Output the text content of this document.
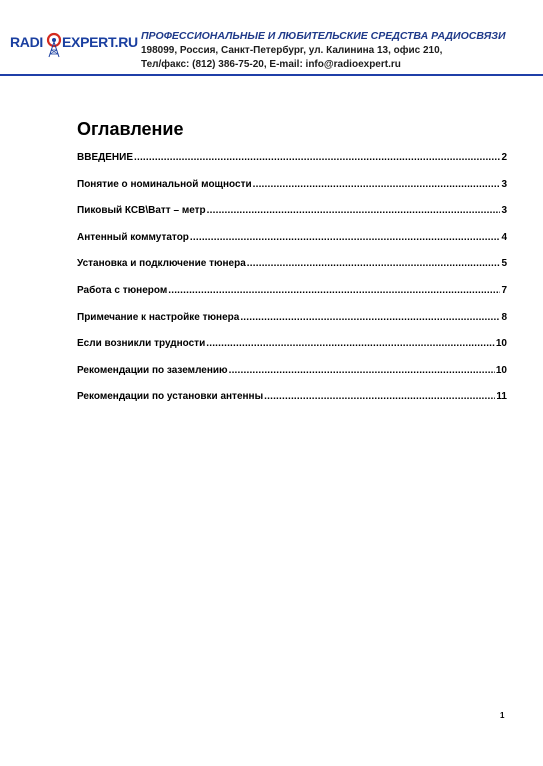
RADI EXPERT.RU ПРОФЕССИОНАЛЬНЫЕ И ЛЮБИТЕЛЬСКИЕ СРЕДСТВА РАДИОСВЯЗИ
198099, Россия, Санкт-Петербург, ул. Калинина 13, офис 210,
Тел/факс: (812) 386-75-20, E-mail: info@radioexpert.ru
Оглавление
ВВЕДЕНИЕ .....	2
Понятие о номинальной мощности .....	3
Пиковый КСВ\Ватт – метр .....	3
Антенный коммутатор .....	4
Установка и подключение тюнера .....	5
Работа с тюнером .....	7
Примечание к настройке тюнера .....	8
Если возникли трудности .....	10
Рекомендации по заземлению .....	10
Рекомендации по установки антенны .....	11
1
